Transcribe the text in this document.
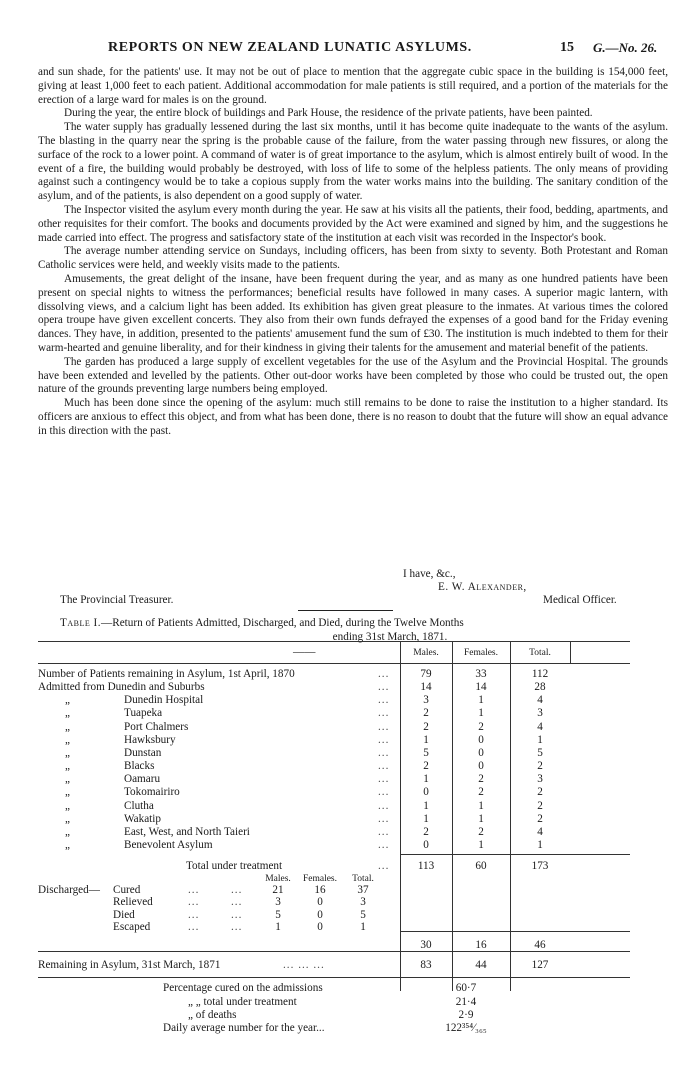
REPORTS ON NEW ZEALAND LUNATIC ASYLUMS.	15 G.—No. 26.

and sun shade, for the patients' use. It may not be out of place to mention that the aggregate cubic space in the building is 154,000 feet, giving at least 1,000 feet to each patient. Additional accommodation for male patients is still required, and a portion of the materials for the erection of a large ward for males is on the ground.

During the year, the entire block of buildings and Park House, the residence of the private patients, have been painted.

The water supply has gradually lessened during the last six months, until it has become quite inadequate to the wants of the asylum. The blasting in the quarry near the spring is the probable cause of the failure, from the water passing through new fissures, or along the surface of the rock to a lower point. A command of water is of great importance to the asylum, which is almost entirely built of wood. In the event of a fire, the building would probably be destroyed, with loss of life to some of the helpless patients. The only means of providing against such a contingency would be to take a copious supply from the water works mains into the building. The sanitary condition of the asylum, and of the patients, is also dependent on a good supply of water.

The Inspector visited the asylum every month during the year. He saw at his visits all the patients, their food, bedding, apartments, and other requisites for their comfort. The books and documents provided by the Act were examined and signed by him, and the suggestions he made carried into effect. The progress and satisfactory state of the institution at each visit was recorded in the Inspector's book.

The average number attending service on Sundays, including officers, has been from sixty to seventy. Both Protestant and Roman Catholic services were held, and weekly visits made to the patients.

Amusements, the great delight of the insane, have been frequent during the year, and as many as one hundred patients have been present on special nights to witness the performances; beneficial results have followed in many cases. A superior magic lantern, with dissolving views, and a calcium light has been added. Its exhibition has given great pleasure to the inmates. At various times the colored opera troupe have given excellent concerts. They also from their own funds defrayed the expenses of a good band for the Friday evening dances. They have, in addition, presented to the patients' amusement fund the sum of £30. The institution is much indebted to them for their warm-hearted and genuine liberality, and for their kindness in giving their talents for the amusement and material benefit of the patients.

The garden has produced a large supply of excellent vegetables for the use of the Asylum and the Provincial Hospital. The grounds have been extended and levelled by the patients. Other out-door works have been completed by those who could be trusted out, the open nature of the grounds preventing large numbers being employed.

Much has been done since the opening of the asylum: much still remains to be done to raise the institution to a higher standard. Its officers are anxious to effect this object, and from what has been done, there is no reason to doubt that the future will show an equal advance in this direction with the past.

I have, &c.,
E. W. Alexander,
The Provincial Treasurer.	Medical Officer.
Table I.—Return of Patients Admitted, Discharged, and Died, during the Twelve Months
ending 31st March, 1871.
——	Males.	Females.	Total.
Number of Patients remaining in Asylum, 1st April, 1870	...	79	33	112
Admitted from Dunedin and Suburbs	...	14	14	28
„	Dunedin Hospital	...	3	1	4
„	Tuapeka	...	2	1	3
„	Port Chalmers	...	2	2	4
„	Hawksbury	...	1	0	1
„	Dunstan	...	5	0	5
„	Blacks	...	2	0	2
„	Oamaru	...	1	2	3
„	Tokomairiro	...	0	2	2
„	Clutha	...	1	1	2
„	Wakatip	...	1	1	2
„	East, West, and North Taieri	...	2	2	4
„	Benevolent Asylum	...	0	1	1
Total under treatment	...	113	60	173
Males.	Females.	Total.
Discharged— Cured	...	...	21	16	37
Relieved	...	...	3	0	3
Died	...	...	5	0	5
Escaped	...	...	1	0	1
30	16	46
Remaining in Asylum, 31st March, 1871	... ... ...	83	44	127
Percentage cured on the admissions	60·7
„ „ total under treatment	21·4
„ of deaths	2·9
Daily average number for the year...	122³⁵⁴⁄₃₆₅
